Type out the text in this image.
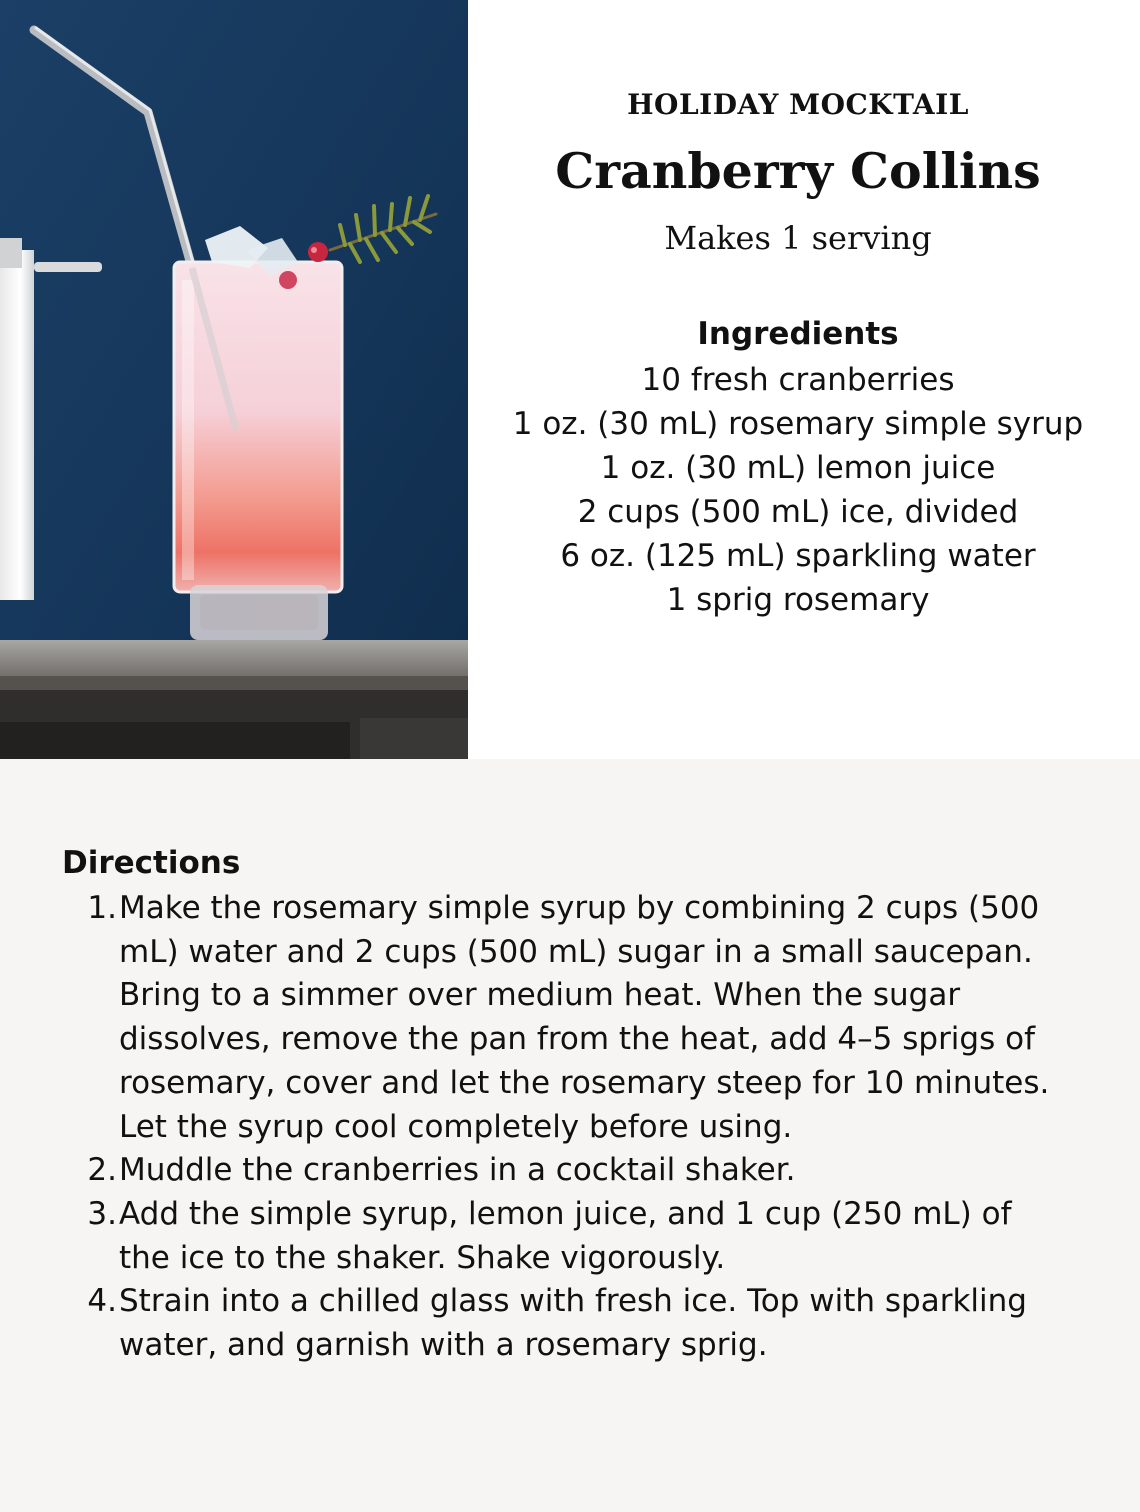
HOLIDAY MOCKTAIL
Cranberry Collins
Makes 1 serving
Ingredients
10 fresh cranberries
1 oz. (30 mL) rosemary simple syrup
1 oz. (30 mL) lemon juice
2 cups (500 mL) ice, divided
6 oz. (125 mL) sparkling water
1 sprig rosemary
Directions
1. Make the rosemary simple syrup by combining 2 cups (500 mL) water and 2 cups (500 mL) sugar in a small saucepan. Bring to a simmer over medium heat. When the sugar dissolves, remove the pan from the heat, add 4–5 sprigs of rosemary, cover and let the rosemary steep for 10 minutes. Let the syrup cool completely before using.
2. Muddle the cranberries in a cocktail shaker.
3. Add the simple syrup, lemon juice, and 1 cup (250 mL) of the ice to the shaker. Shake vigorously.
4. Strain into a chilled glass with fresh ice. Top with sparkling water, and garnish with a rosemary sprig.
